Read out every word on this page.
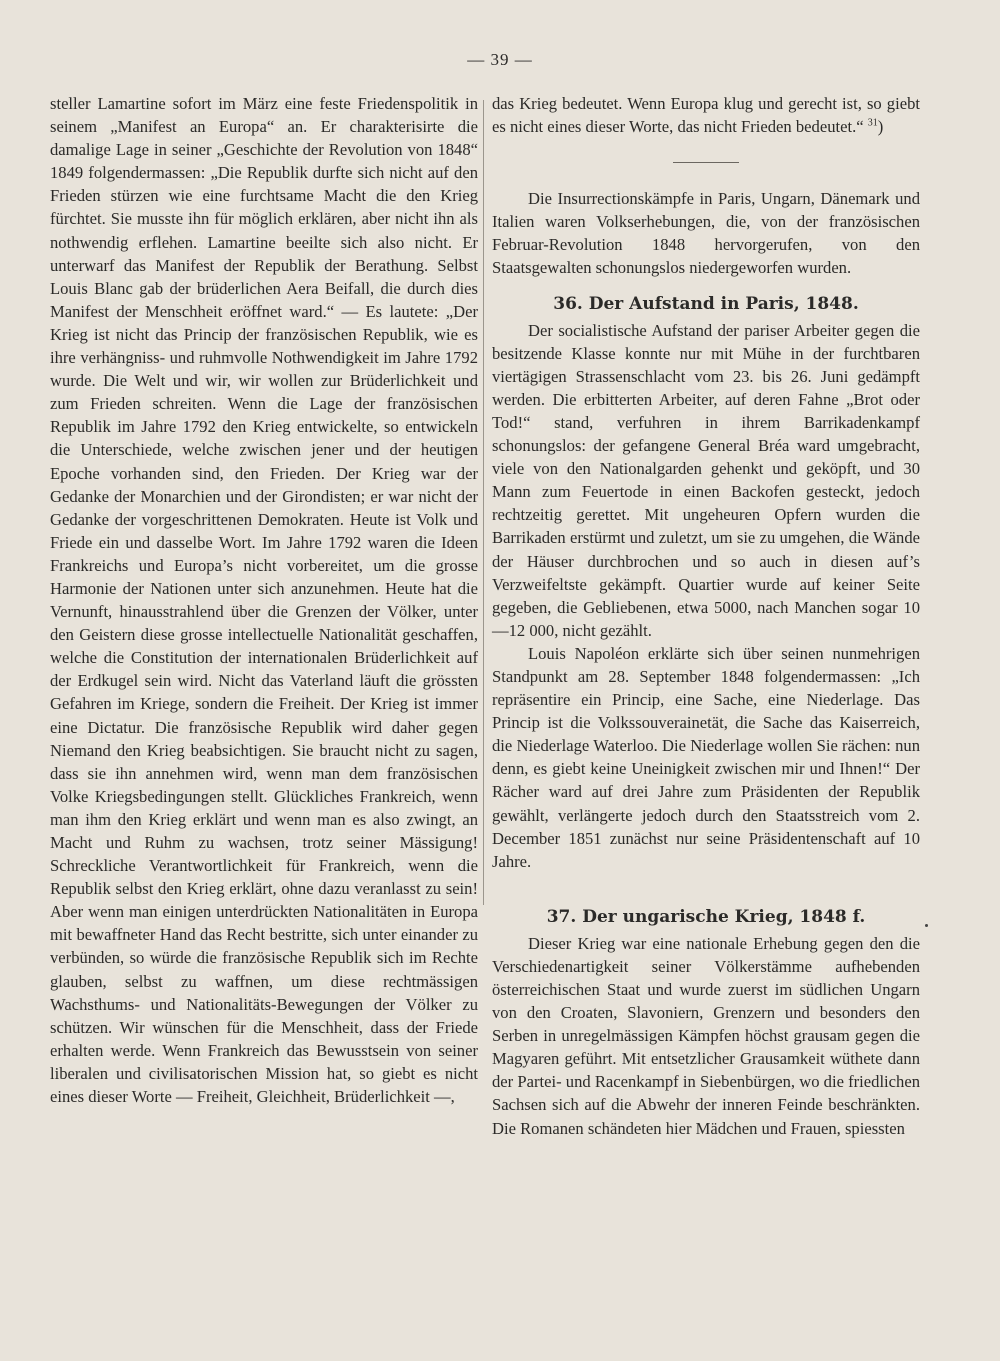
— 39 —

steller Lamartine sofort im März eine feste Friedenspolitik in seinem „Manifest an Europa“ an. Er charakterisirte die damalige Lage in seiner „Geschichte der Revolution von 1848“ 1849 folgendermassen: „Die Republik durfte sich nicht auf den Frieden stürzen wie eine furchtsame Macht die den Krieg fürchtet. Sie musste ihn für möglich erklären, aber nicht ihn als nothwendig erflehen. Lamartine beeilte sich also nicht. Er unterwarf das Manifest der Republik der Berathung. Selbst Louis Blanc gab der brüderlichen Aera Beifall, die durch dies Manifest der Menschheit eröffnet ward.“ — Es lautete: „Der Krieg ist nicht das Princip der französischen Republik, wie es ihre verhängniss- und ruhmvolle Nothwendigkeit im Jahre 1792 wurde. Die Welt und wir, wir wollen zur Brüderlichkeit und zum Frieden schreiten. Wenn die Lage der französischen Republik im Jahre 1792 den Krieg entwickelte, so entwickeln die Unterschiede, welche zwischen jener und der heutigen Epoche vorhanden sind, den Frieden. Der Krieg war der Gedanke der Monarchien und der Girondisten; er war nicht der Gedanke der vorgeschrittenen Demokraten. Heute ist Volk und Friede ein und dasselbe Wort. Im Jahre 1792 waren die Ideen Frankreichs und Europa’s nicht vorbereitet, um die grosse Harmonie der Nationen unter sich anzunehmen. Heute hat die Vernunft, hinausstrahlend über die Grenzen der Völker, unter den Geistern diese grosse intellectuelle Nationalität geschaffen, welche die Constitution der internationalen Brüderlichkeit auf der Erdkugel sein wird. Nicht das Vaterland läuft die grössten Gefahren im Kriege, sondern die Freiheit. Der Krieg ist immer eine Dictatur. Die französische Republik wird daher gegen Niemand den Krieg beabsichtigen. Sie braucht nicht zu sagen, dass sie ihn annehmen wird, wenn man dem französischen Volke Kriegsbedingungen stellt. Glückliches Frankreich, wenn man ihm den Krieg erklärt und wenn man es also zwingt, an Macht und Ruhm zu wachsen, trotz seiner Mässigung! Schreckliche Verantwortlichkeit für Frankreich, wenn die Republik selbst den Krieg erklärt, ohne dazu veranlasst zu sein! Aber wenn man einigen unterdrückten Nationalitäten in Europa mit bewaffneter Hand das Recht bestritte, sich unter einander zu verbünden, so würde die französische Republik sich im Rechte glauben, selbst zu waffnen, um diese rechtmässigen Wachsthums- und Nationalitäts-Bewegungen der Völker zu schützen. Wir wünschen für die Menschheit, dass der Friede erhalten werde. Wenn Frankreich das Bewusstsein von seiner liberalen und civilisatorischen Mission hat, so giebt es nicht eines dieser Worte — Freiheit, Gleichheit, Brüderlichkeit —,

das Krieg bedeutet. Wenn Europa klug und gerecht ist, so giebt es nicht eines dieser Worte, das nicht Frieden bedeutet.“ $^{31}$)

Die Insurrectionskämpfe in Paris, Ungarn, Dänemark und Italien waren Volkserhebungen, die, von der französischen Februar-Revolution 1848 hervorgerufen, von den Staatsgewalten schonungslos niedergeworfen wurden.

36. Der Aufstand in Paris, 1848.

Der socialistische Aufstand der pariser Arbeiter gegen die besitzende Klasse konnte nur mit Mühe in der furchtbaren viertägigen Strassenschlacht vom 23. bis 26. Juni gedämpft werden. Die erbitterten Arbeiter, auf deren Fahne „Brot oder Tod!“ stand, verfuhren in ihrem Barrikadenkampf schonungslos: der gefangene General Bréa ward umgebracht, viele von den Nationalgarden gehenkt und geköpft, und 30 Mann zum Feuertode in einen Backofen gesteckt, jedoch rechtzeitig gerettet. Mit ungeheuren Opfern wurden die Barrikaden erstürmt und zuletzt, um sie zu umgehen, die Wände der Häuser durchbrochen und so auch in diesen auf’s Verzweifeltste gekämpft. Quartier wurde auf keiner Seite gegeben, die Gebliebenen, etwa 5000, nach Manchen sogar 10—12 000, nicht gezählt.

Louis Napoléon erklärte sich über seinen nunmehrigen Standpunkt am 28. September 1848 folgendermassen: „Ich repräsentire ein Princip, eine Sache, eine Niederlage. Das Princip ist die Volkssouverainetät, die Sache das Kaiserreich, die Niederlage Waterloo. Die Niederlage wollen Sie rächen: nun denn, es giebt keine Uneinigkeit zwischen mir und Ihnen!“ Der Rächer ward auf drei Jahre zum Präsidenten der Republik gewählt, verlängerte jedoch durch den Staatsstreich vom 2. December 1851 zunächst nur seine Präsidentenschaft auf 10 Jahre.

37. Der ungarische Krieg, 1848 f.

Dieser Krieg war eine nationale Erhebung gegen den die Verschiedenartigkeit seiner Völkerstämme aufhebenden österreichischen Staat und wurde zuerst im südlichen Ungarn von den Croaten, Slavoniern, Grenzern und besonders den Serben in unregelmässigen Kämpfen höchst grausam gegen die Magyaren geführt. Mit entsetzlicher Grausamkeit wüthete dann der Partei- und Racenkampf in Siebenbürgen, wo die friedlichen Sachsen sich auf die Abwehr der inneren Feinde beschränkten. Die Romanen schändeten hier Mädchen und Frauen, spiessten
